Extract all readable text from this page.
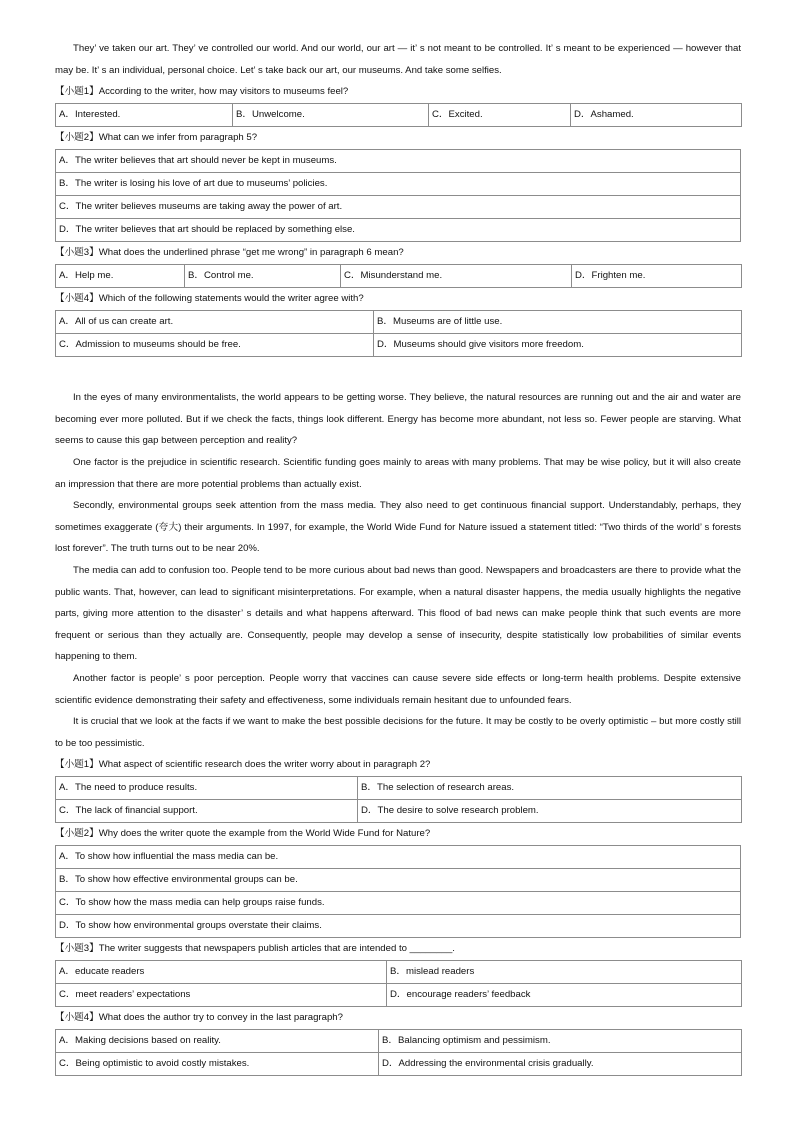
They’ ve taken our art. They’ ve controlled our world. And our world, our art — it’ s not meant to be controlled. It’ s meant to be experienced — however that may be. It’ s an individual, personal choice. Let’ s take back our art, our museums. And take some selfies.

【小题1】According to the writer, how may visitors to museums feel?

A．Interested.	B．Unwelcome.	C．Excited.	D．Ashamed.

【小题2】What can we infer from paragraph 5?

A．The writer believes that art should never be kept in museums.
B．The writer is losing his love of art due to museums’ policies.
C．The writer believes museums are taking away the power of art.
D．The writer believes that art should be replaced by something else.

【小题3】What does the underlined phrase “get me wrong” in paragraph 6 mean?

A．Help me.	B．Control me.	C．Misunderstand me.	D．Frighten me.

【小题4】Which of the following statements would the writer agree with?

A．All of us can create art.	B．Museums are of little use.
C．Admission to museums should be free.	D．Museums should give visitors more freedom.

In the eyes of many environmentalists, the world appears to be getting worse. They believe, the natural resources are running out and the air and water are becoming ever more polluted. But if we check the facts, things look different. Energy has become more abundant, not less so. Fewer people are starving. What seems to cause this gap between perception and reality?

One factor is the prejudice in scientific research. Scientific funding goes mainly to areas with many problems. That may be wise policy, but it will also create an impression that there are more potential problems than actually exist.

Secondly, environmental groups seek attention from the mass media. They also need to get continuous financial support. Understandably, perhaps, they sometimes exaggerate (夸大) their arguments. In 1997, for example, the World Wide Fund for Nature issued a statement titled: “Two thirds of the world’ s forests lost forever”. The truth turns out to be near 20%.

The media can add to confusion too. People tend to be more curious about bad news than good. Newspapers and broadcasters are there to provide what the public wants. That, however, can lead to significant misinterpretations. For example, when a natural disaster happens, the media usually highlights the negative parts, giving more attention to the disaster’ s details and what happens afterward. This flood of bad news can make people think that such events are more frequent or serious than they actually are. Consequently, people may develop a sense of insecurity, despite statistically low probabilities of similar events happening to them.

Another factor is people’ s poor perception. People worry that vaccines can cause severe side effects or long-term health problems. Despite extensive scientific evidence demonstrating their safety and effectiveness, some individuals remain hesitant due to unfounded fears.

It is crucial that we look at the facts if we want to make the best possible decisions for the future. It may be costly to be overly optimistic – but more costly still to be too pessimistic.

【小题1】What aspect of scientific research does the writer worry about in paragraph 2?

A．The need to produce results.	B．The selection of research areas.
C．The lack of financial support.	D．The desire to solve research problem.

【小题2】Why does the writer quote the example from the World Wide Fund for Nature?

A．To show how influential the mass media can be.
B．To show how effective environmental groups can be.
C．To show how the mass media can help groups raise funds.
D．To show how environmental groups overstate their claims.

【小题3】The writer suggests that newspapers publish articles that are intended to ________.

A．educate readers	B．mislead readers
C．meet readers’ expectations	D．encourage readers’ feedback

【小题4】What does the author try to convey in the last paragraph?

A．Making decisions based on reality.	B．Balancing optimism and pessimism.
C．Being optimistic to avoid costly mistakes.	D．Addressing the environmental crisis gradually.
